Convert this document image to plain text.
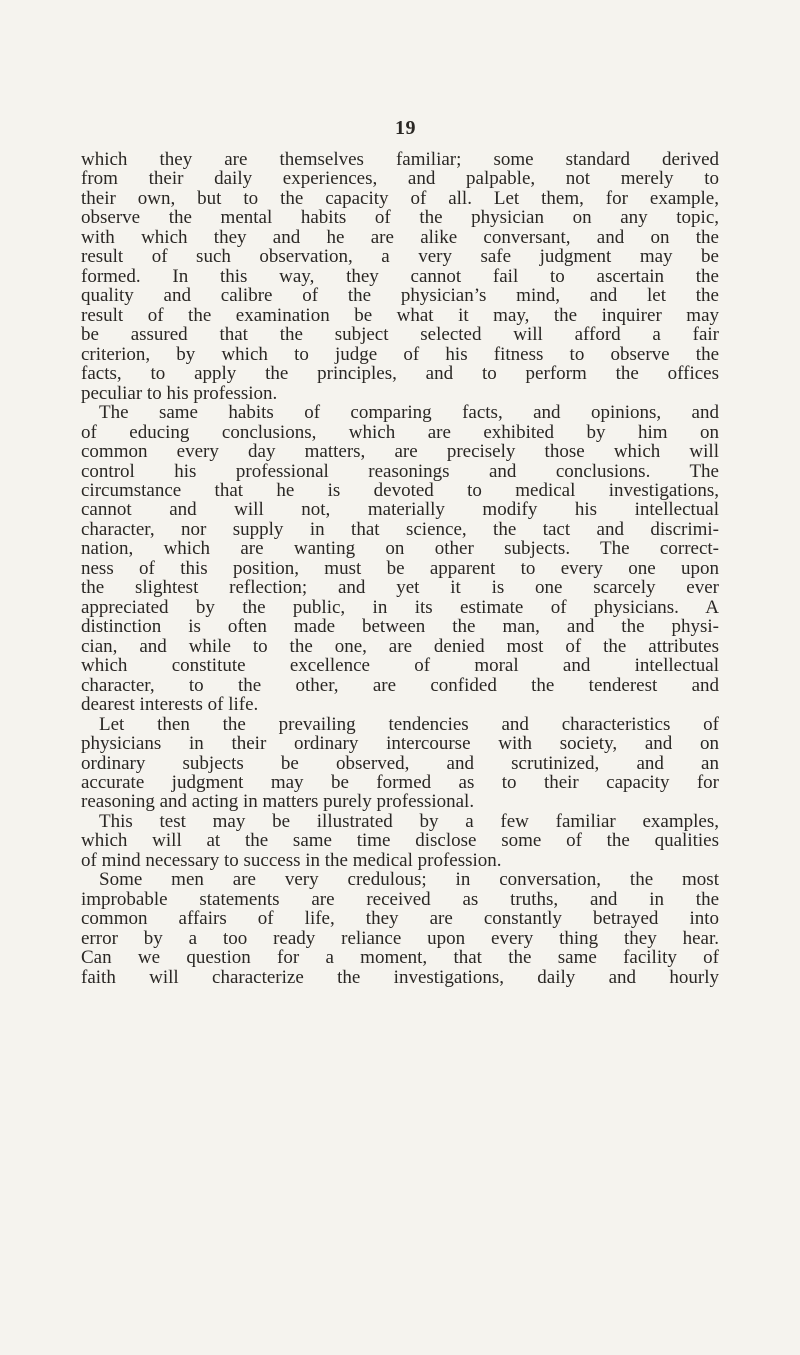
19
which they are themselves familiar; some standard derived
from their daily experiences, and palpable, not merely to
their own, but to the capacity of all. Let them, for example,
observe the mental habits of the physician on any topic,
with which they and he are alike conversant, and on the
result of such observation, a very safe judgment may be
formed. In this way, they cannot fail to ascertain the
quality and calibre of the physician’s mind, and let the
result of the examination be what it may, the inquirer may
be assured that the subject selected will afford a fair
criterion, by which to judge of his fitness to observe the
facts, to apply the principles, and to perform the offices
peculiar to his profession.
The same habits of comparing facts, and opinions, and
of educing conclusions, which are exhibited by him on
common every day matters, are precisely those which will
control his professional reasonings and conclusions. The
circumstance that he is devoted to medical investigations,
cannot and will not, materially modify his intellectual
character, nor supply in that science, the tact and discrimi-
nation, which are wanting on other subjects. The correct-
ness of this position, must be apparent to every one upon
the slightest reflection; and yet it is one scarcely ever
appreciated by the public, in its estimate of physicians. A
distinction is often made between the man, and the physi-
cian, and while to the one, are denied most of the attributes
which constitute excellence of moral and intellectual
character, to the other, are confided the tenderest and
dearest interests of life.
Let then the prevailing tendencies and characteristics of
physicians in their ordinary intercourse with society, and on
ordinary subjects be observed, and scrutinized, and an
accurate judgment may be formed as to their capacity for
reasoning and acting in matters purely professional.
This test may be illustrated by a few familiar examples,
which will at the same time disclose some of the qualities
of mind necessary to success in the medical profession.
Some men are very credulous; in conversation, the most
improbable statements are received as truths, and in the
common affairs of life, they are constantly betrayed into
error by a too ready reliance upon every thing they hear.
Can we question for a moment, that the same facility of
faith will characterize the investigations, daily and hourly
